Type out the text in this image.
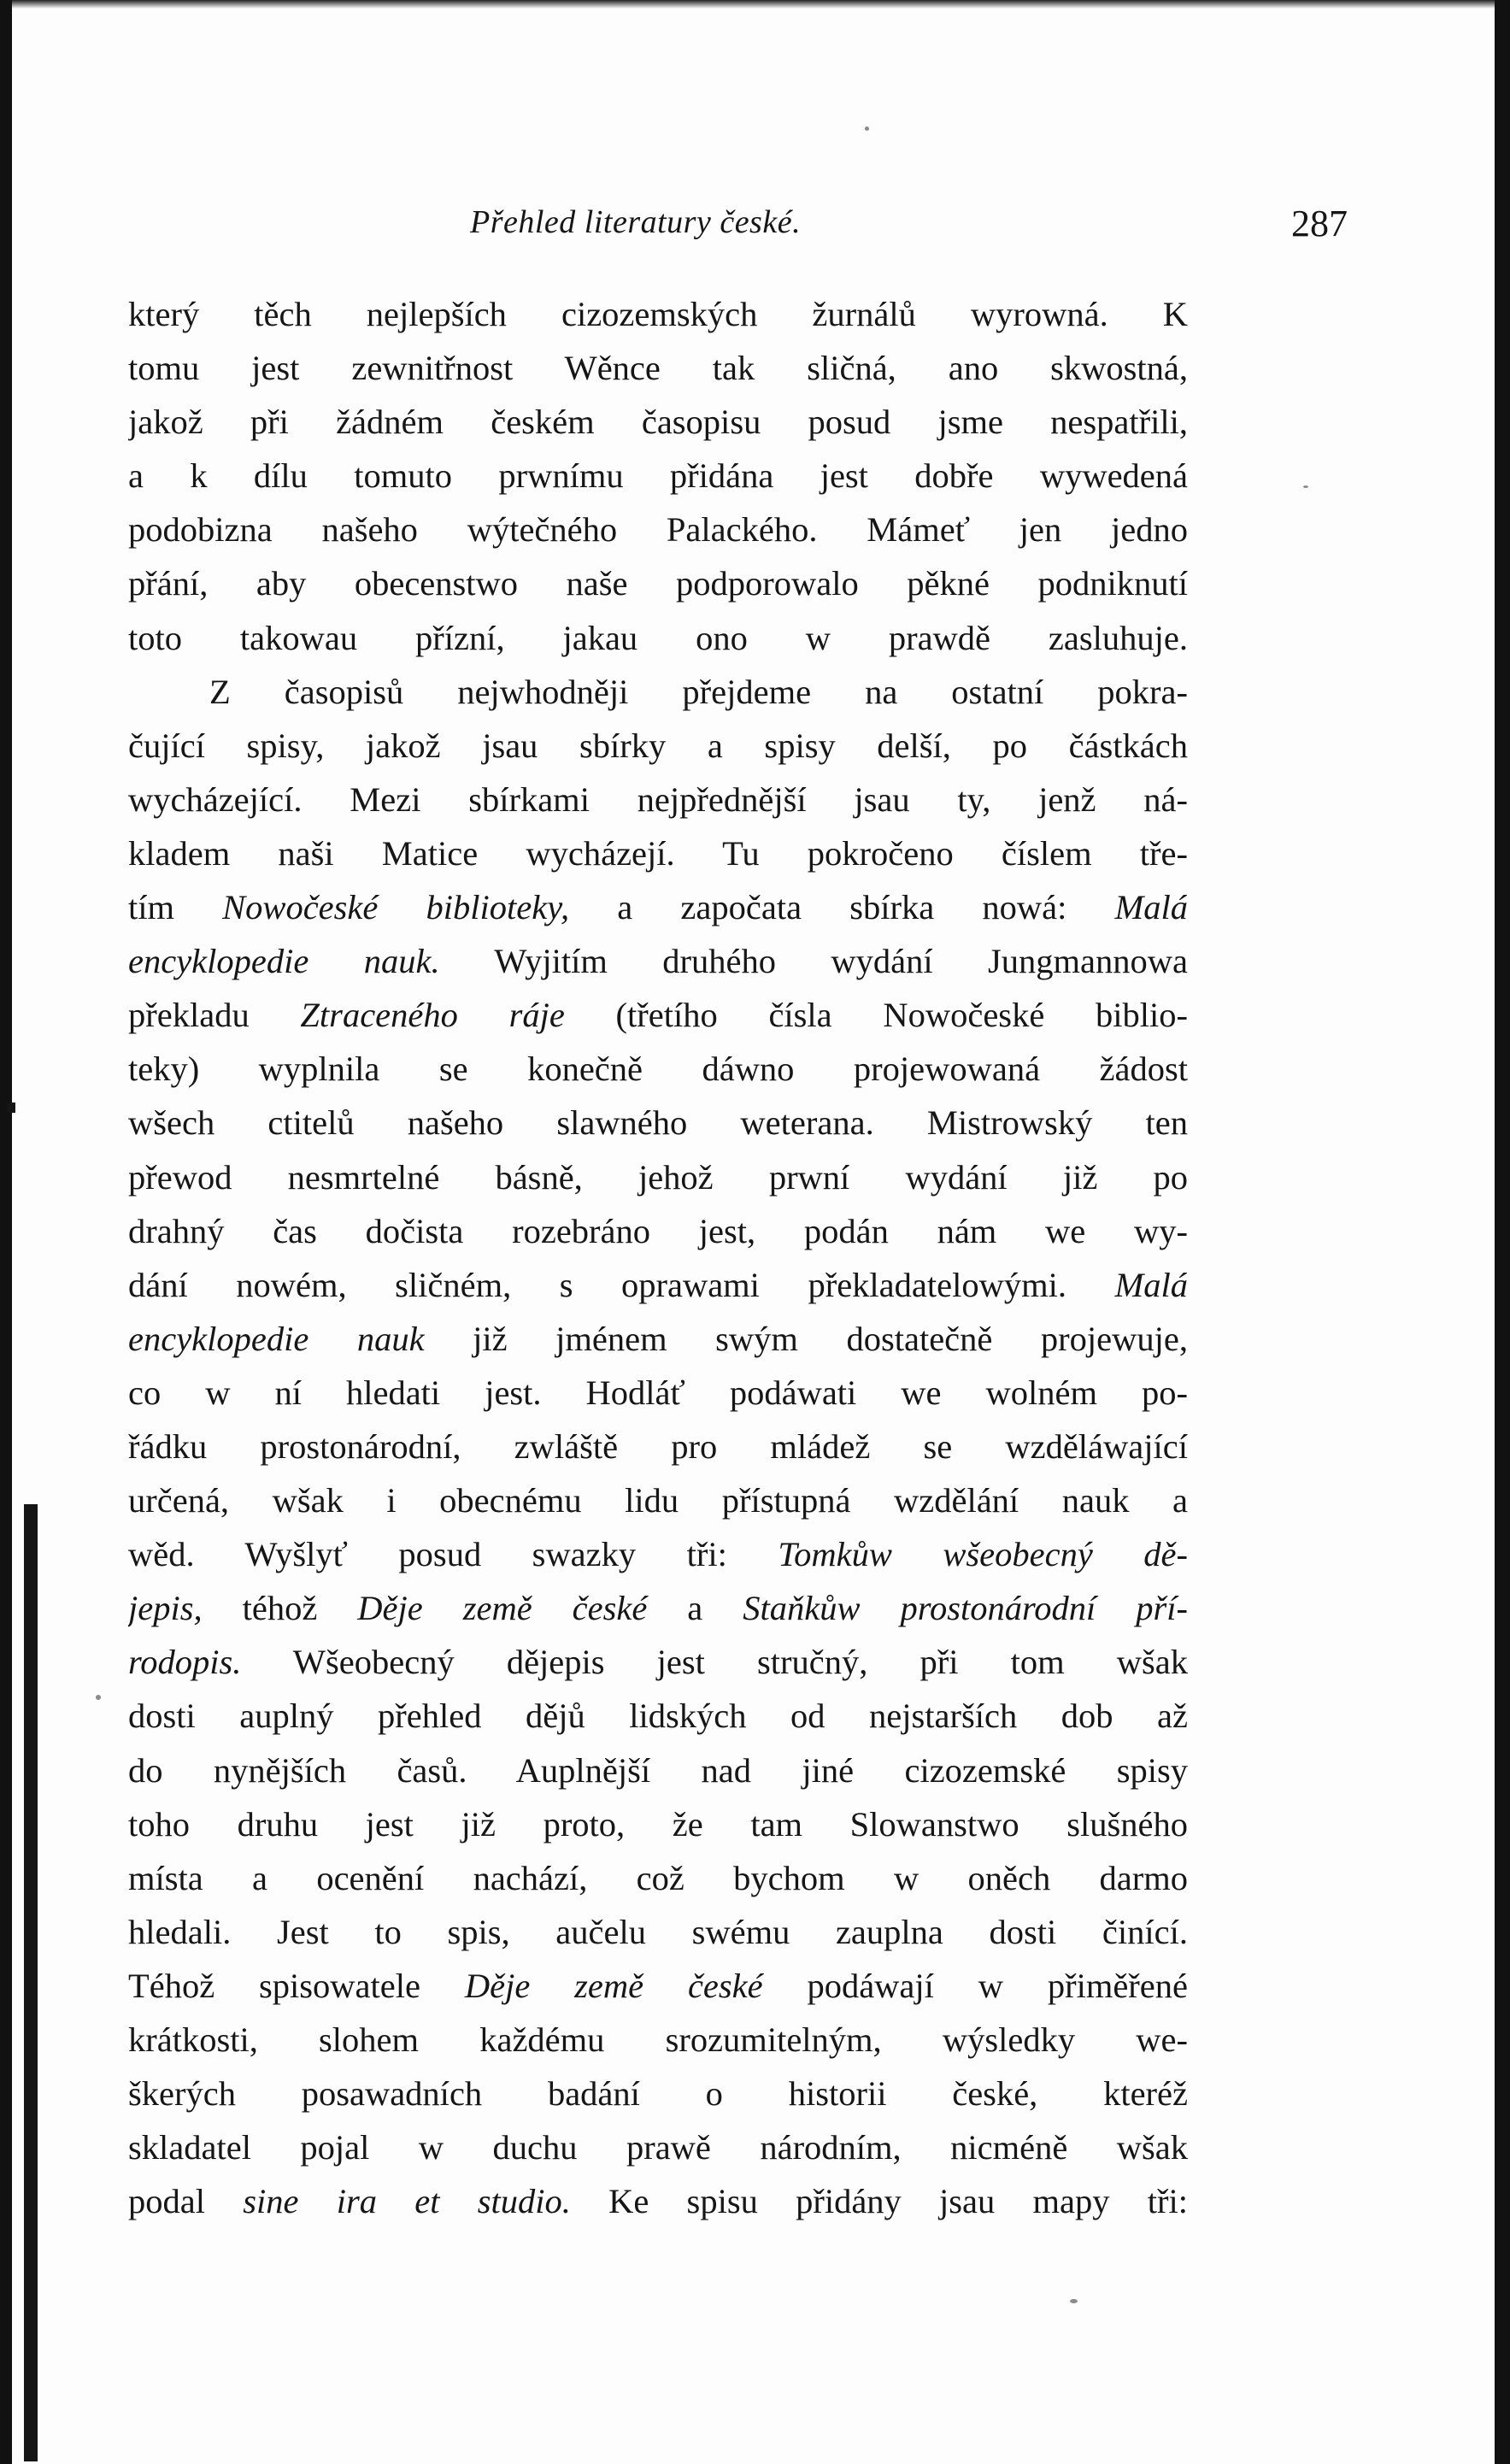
Přehled literatury české.	287
který těch nejlepších cizozemských žurnálů wyrowná. K
tomu jest zewnitřnost Wěnce tak sličná, ano skwostná,
jakož při žádném českém časopisu posud jsme nespatřili,
a k dílu tomuto prwnímu přidána jest dobře wywedená
podobizna našeho wýtečného Palackého. Mámeť jen jedno
přání, aby obecenstwo naše podporowalo pěkné podniknutí
toto takowau přízní, jakau ono w prawdě zasluhuje.
Z časopisů nejwhodněji přejdeme na ostatní pokra-
čující spisy, jakož jsau sbírky a spisy delší, po částkách
wycházející. Mezi sbírkami nejpřednější jsau ty, jenž ná-
kladem naši Matice wycházejí. Tu pokročeno číslem tře-
tím Nowočeské biblioteky, a započata sbírka nowá: Malá
encyklopedie nauk. Wyjitím druhého wydání Jungmannowa
překladu Ztraceného ráje (třetího čísla Nowočeské biblio-
teky) wyplnila se konečně dáwno projewowaná žádost
wšech ctitelů našeho slawného weterana. Mistrowský ten
přewod nesmrtelné básně, jehož prwní wydání již po
drahný čas dočista rozebráno jest, podán nám we wy-
dání nowém, sličném, s oprawami překladatelowými. Malá
encyklopedie nauk již jménem swým dostatečně projewuje,
co w ní hledati jest. Hodláť podáwati we wolném po-
řádku prostonárodní, zwláště pro mládež se wzděláwající
určená, wšak i obecnému lidu přístupná wzdělání nauk a
wěd. Wyšlyť posud swazky tři: Tomkůw wšeobecný dě-
jepis, téhož Děje země české a Staňkůw prostonárodní pří-
rodopis. Wšeobecný dějepis jest stručný, při tom wšak
dosti auplný přehled dějů lidských od nejstarších dob až
do nynějších časů. Auplnější nad jiné cizozemské spisy
toho druhu jest již proto, že tam Slowanstwo slušného
místa a ocenění nachází, což bychom w oněch darmo
hledali. Jest to spis, aučelu swému zauplna dosti činící.
Téhož spisowatele Děje země české podáwají w přiměřené
krátkosti, slohem každému srozumitelným, wýsledky we-
škerých posawadních badání o historii české, kteréž
skladatel pojal w duchu prawě národním, nicméně wšak
podal sine ira et studio. Ke spisu přidány jsau mapy tři:
